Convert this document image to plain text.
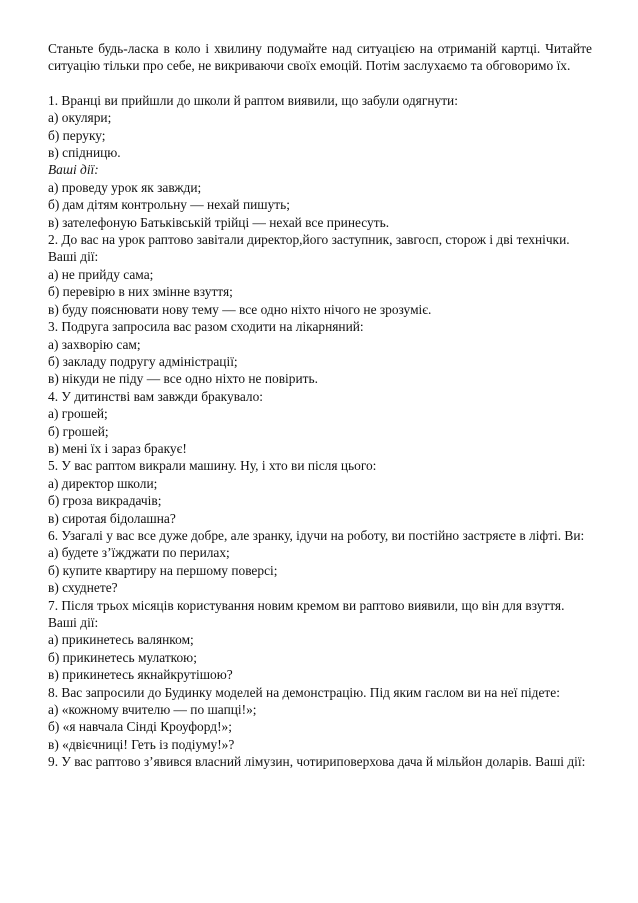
Станьте будь-ласка в коло і хвилину подумайте над ситуацією на отриманій картці. Читайте ситуацію тільки про себе, не викриваючи своїх емоцій. Потім заслухаємо та обговоримо їх.

1. Вранці ви прийшли до школи й раптом виявили, що забули одягнути:
а) окуляри;
б) перуку;
в) спідницю.
Ваші дії:
а) проведу урок як завжди;
б) дам дітям контрольну — нехай пишуть;
в) зателефоную Батьківській трійці — нехай все принесуть.
2. До вас на урок раптово завітали директор,його заступник, завгосп, сторож і дві технічки. Ваші дії:
а) не прийду сама;
б) перевірю в них змінне взуття;
в) буду пояснювати нову тему — все одно ніхто нічого не зрозуміє.
3. Подруга запросила вас разом сходити на лікарняний:
а) захворію сам;
б) закладу подругу адміністрації;
в) нікуди не піду — все одно ніхто не повірить.
4. У дитинстві вам завжди бракувало:
а) грошей;
б) грошей;
в) мені їх і зараз бракує!
5. У вас раптом викрали машину. Ну, і хто ви після цього:
а) директор школи;
б) гроза викрадачів;
в) сиротая бідолашна?
6. Узагалі у вас все дуже добре, але зранку, ідучи на роботу, ви постійно застряєте в ліфті. Ви:
а) будете з’їжджати по перилах;
б) купите квартиру на першому поверсі;
в) схуднете?
7. Після трьох місяців користування новим кремом ви раптово виявили, що він для взуття. Ваші дії:
а) прикинетесь валянком;
б) прикинетесь мулаткою;
в) прикинетесь якнайкрутішою?
8. Вас запросили до Будинку моделей на демонстрацію. Під яким гаслом ви на неї підете:
а) «кожному вчителю — по шапці!»;
б) «я навчала Сінді Кроуфорд!»;
в) «двієчниці! Геть із подіуму!»?
9. У вас раптово з’явився власний лімузин, чотириповерхова дача й мільйон доларів. Ваші дії:
